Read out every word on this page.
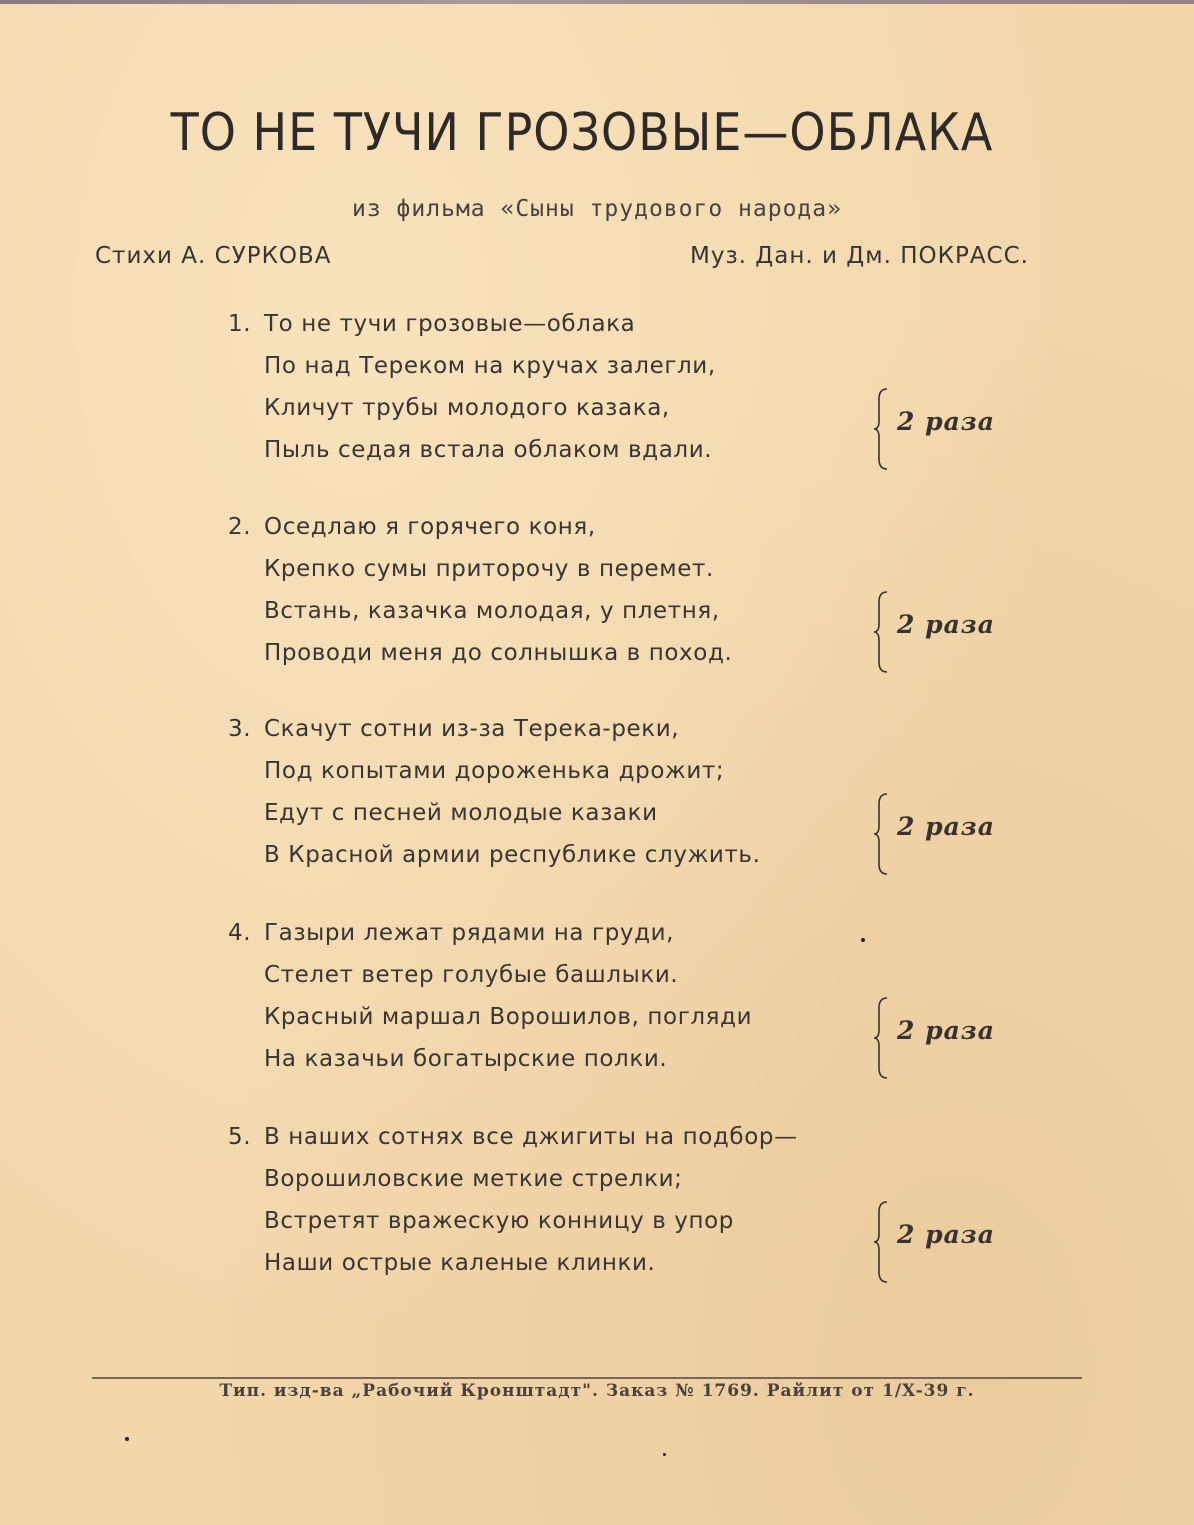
ТО НЕ ТУЧИ ГРОЗОВЫЕ—ОБЛАКА
из фильма «Сыны трудового народа»
Стихи А. СУРКОВА	Муз. Дан. и Дм. ПОКРАСС.
1. То не тучи грозовые—облака
По над Тереком на кручах залегли,
Кличут трубы молодого казака,
Пыль седая встала облаком вдали.
2 раза
2. Оседлаю я горячего коня,
Крепко сумы приторочу в перемет.
Встань, казачка молодая, у плетня,
Проводи меня до солнышка в поход.
2 раза
3. Скачут сотни из-за Терека-реки,
Под копытами дороженька дрожит;
Едут с песней молодые казаки
В Красной армии республике служить.
2 раза
4. Газыри лежат рядами на груди,
Стелет ветер голубые башлыки.
Красный маршал Ворошилов, погляди
На казачьи богатырские полки.
2 раза
5. В наших сотнях все джигиты на подбор—
Ворошиловские меткие стрелки;
Встретят вражескую конницу в упор
Наши острые каленые клинки.
2 раза
Тип. изд-ва „Рабочий Кронштадт". Заказ № 1769. Райлит от 1/X-39 г.
